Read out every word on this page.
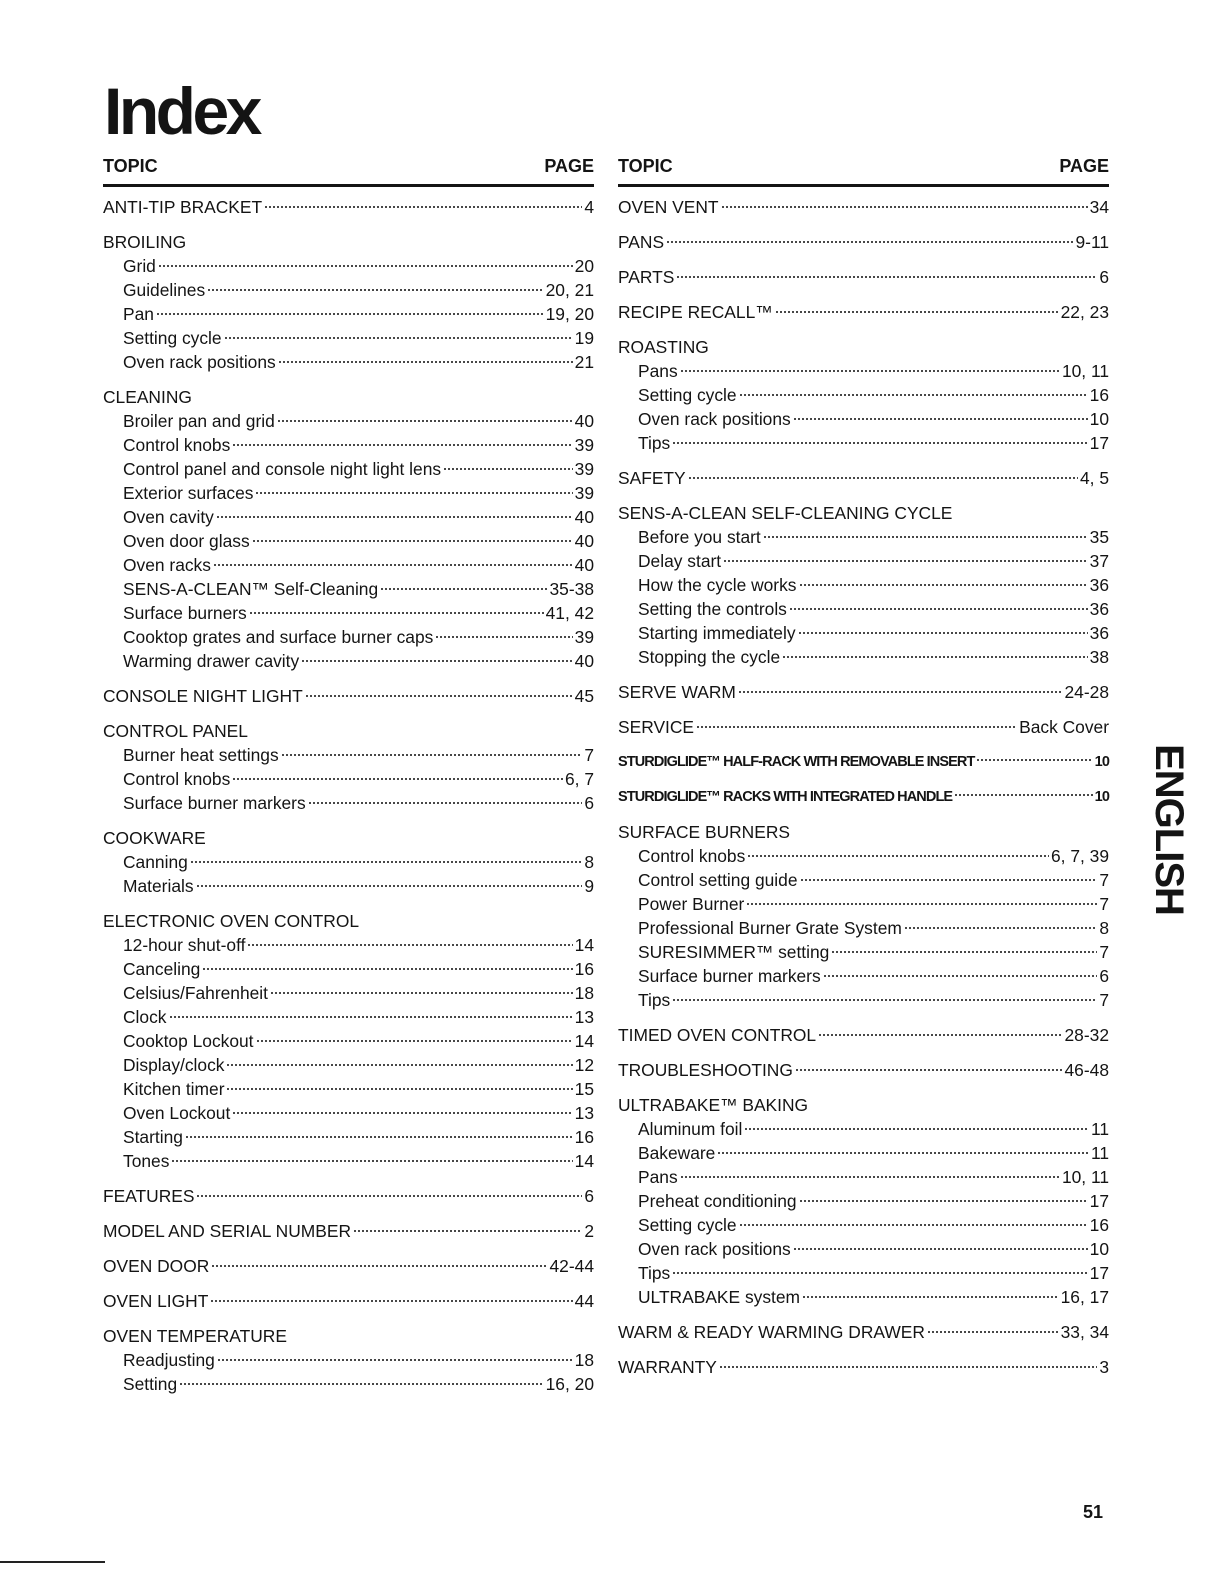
Index
TOPIC	PAGE
ANTI-TIP BRACKET	4
BROILING
Grid	20
Guidelines	20, 21
Pan	19, 20
Setting cycle	19
Oven rack positions	21
CLEANING
Broiler pan and grid	40
Control knobs	39
Control panel and console night light lens	39
Exterior surfaces	39
Oven cavity	40
Oven door glass	40
Oven racks	40
SENS-A-CLEAN™ Self-Cleaning	35-38
Surface burners	41, 42
Cooktop grates and surface burner caps	39
Warming drawer cavity	40
CONSOLE NIGHT LIGHT	45
CONTROL PANEL
Burner heat settings	7
Control knobs	6, 7
Surface burner markers	6
COOKWARE
Canning	8
Materials	9
ELECTRONIC OVEN CONTROL
12-hour shut-off	14
Canceling	16
Celsius/Fahrenheit	18
Clock	13
Cooktop Lockout	14
Display/clock	12
Kitchen timer	15
Oven Lockout	13
Starting	16
Tones	14
FEATURES	6
MODEL AND SERIAL NUMBER	2
OVEN DOOR	42-44
OVEN LIGHT	44
OVEN TEMPERATURE
Readjusting	18
Setting	16, 20
TOPIC	PAGE
OVEN VENT	34
PANS	9-11
PARTS	6
RECIPE RECALL™	22, 23
ROASTING
Pans	10, 11
Setting cycle	16
Oven rack positions	10
Tips	17
SAFETY	4, 5
SENS-A-CLEAN SELF-CLEANING CYCLE
Before you start	35
Delay start	37
How the cycle works	36
Setting the controls	36
Starting immediately	36
Stopping the cycle	38
SERVE WARM	24-28
SERVICE	Back Cover
STURDIGLIDE™ HALF-RACK WITH REMOVABLE INSERT	10
STURDIGLIDE™ RACKS WITH INTEGRATED HANDLE	10
SURFACE BURNERS
Control knobs	6, 7, 39
Control setting guide	7
Power Burner	7
Professional Burner Grate System	8
SURESIMMER™ setting	7
Surface burner markers	6
Tips	7
TIMED OVEN CONTROL	28-32
TROUBLESHOOTING	46-48
ULTRABAKE™ BAKING
Aluminum foil	11
Bakeware	11
Pans	10, 11
Preheat conditioning	17
Setting cycle	16
Oven rack positions	10
Tips	17
ULTRABAKE system	16, 17
WARM & READY WARMING DRAWER	33, 34
WARRANTY	3
ENGLISH
51
